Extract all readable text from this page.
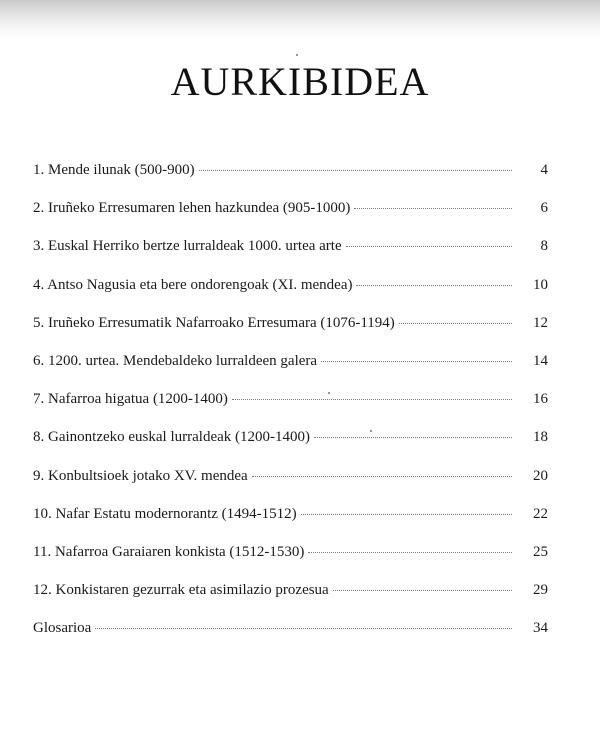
AURKIBIDEA
1. Mende ilunak (500-900)	4
2. Iruñeko Erresumaren lehen hazkundea (905-1000)	6
3. Euskal Herriko bertze lurraldeak 1000. urtea arte	8
4. Antso Nagusia eta bere ondorengoak (XI. mendea)	10
5. Iruñeko Erresumatik Nafarroako Erresumara (1076-1194)	12
6. 1200. urtea. Mendebaldeko lurraldeen galera	14
7. Nafarroa higatua (1200-1400)	16
8. Gainontzeko euskal lurraldeak (1200-1400)	18
9. Konbultsioek jotako XV. mendea	20
10. Nafar Estatu modernorantz (1494-1512)	22
11. Nafarroa Garaiaren konkista (1512-1530)	25
12. Konkistaren gezurrak eta asimilazio prozesua	29
Glosarioa	34
